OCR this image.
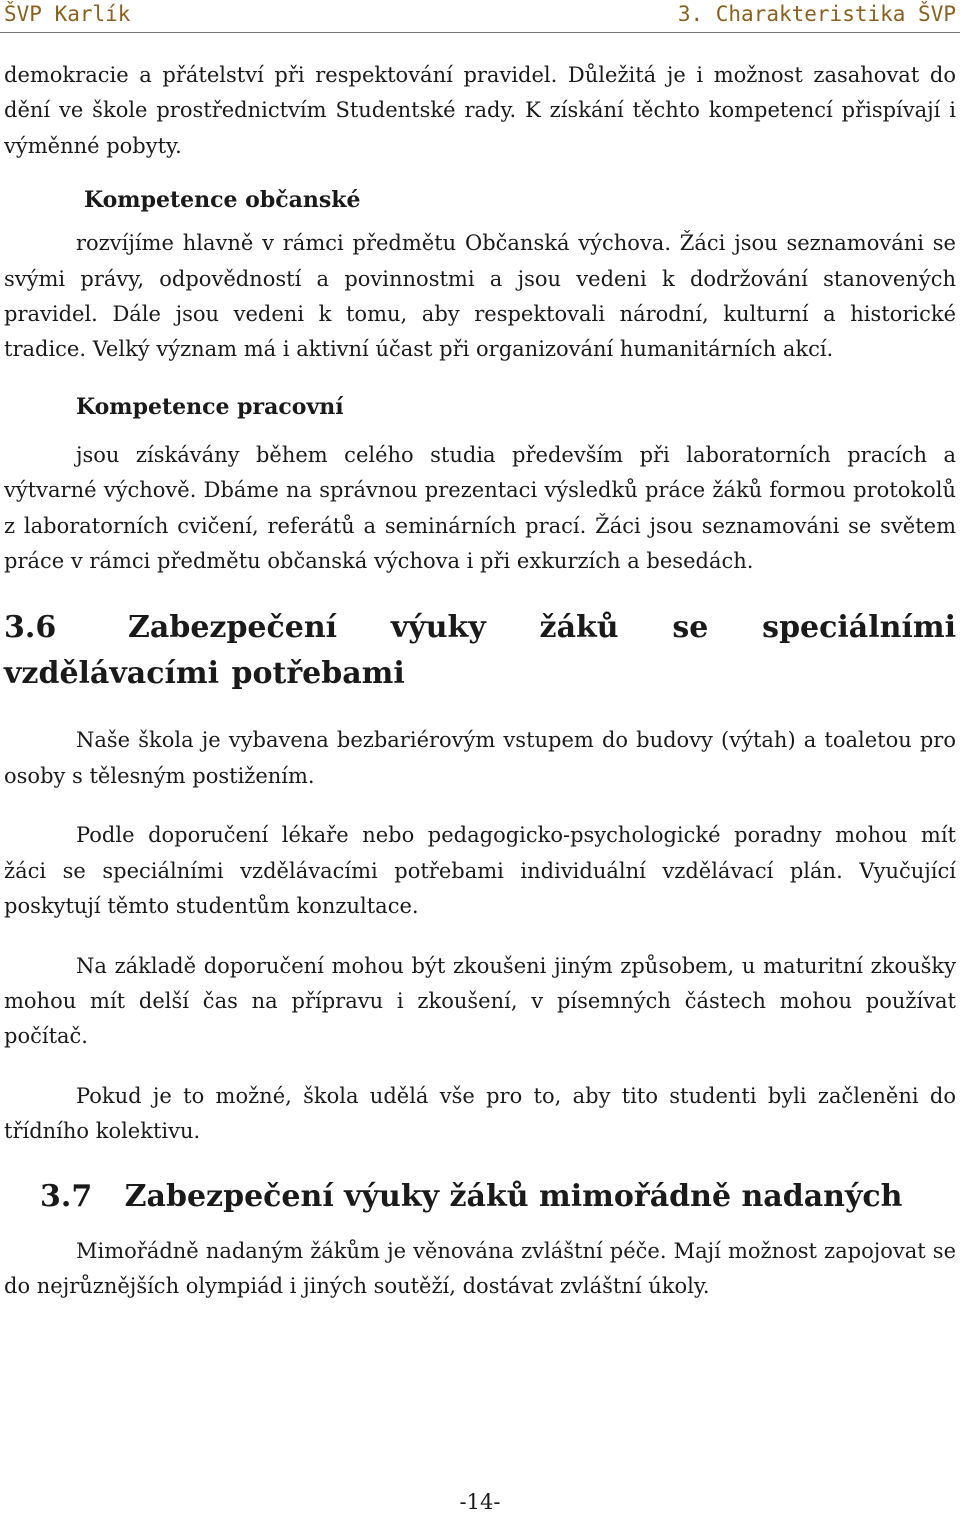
ŠVP Karlík	3. Charakteristika ŠVP

demokracie a přátelství při respektování pravidel. Důležitá je i možnost zasahovat do dění ve škole prostřednictvím Studentské rady. K získání těchto kompetencí přispívají i výměnné pobyty.

Kompetence občanské

rozvíjíme hlavně v rámci předmětu Občanská výchova. Žáci jsou seznamováni se svými právy, odpovědností a povinnostmi a jsou vedeni k dodržování stanovených pravidel. Dále jsou vedeni k tomu, aby respektovali národní, kulturní a historické tradice. Velký význam má i aktivní účast při organizování humanitárních akcí.

Kompetence pracovní

jsou získávány během celého studia především při laboratorních pracích a výtvarné výchově. Dbáme na správnou prezentaci výsledků práce žáků formou protokolů z laboratorních cvičení, referátů a seminárních prací. Žáci jsou seznamováni se světem práce v rámci předmětu občanská výchova i při exkurzích a besedách.

3.6 Zabezpečení výuky žáků se speciálními vzdělávacími potřebami

Naše škola je vybavena bezbariérovým vstupem do budovy (výtah) a toaletou pro osoby s tělesným postižením.

Podle doporučení lékaře nebo pedagogicko-psychologické poradny mohou mít žáci se speciálními vzdělávacími potřebami individuální vzdělávací plán. Vyučující poskytují těmto studentům konzultace.

Na základě doporučení mohou být zkoušeni jiným způsobem, u maturitní zkoušky mohou mít delší čas na přípravu i zkoušení, v písemných částech mohou používat počítač.

Pokud je to možné, škola udělá vše pro to, aby tito studenti byli začleněni do třídního kolektivu.

3.7 Zabezpečení výuky žáků mimořádně nadaných

Mimořádně nadaným žákům je věnována zvláštní péče. Mají možnost zapojovat se do nejrůznějších olympiád i jiných soutěží, dostávat zvláštní úkoly.

-14-
